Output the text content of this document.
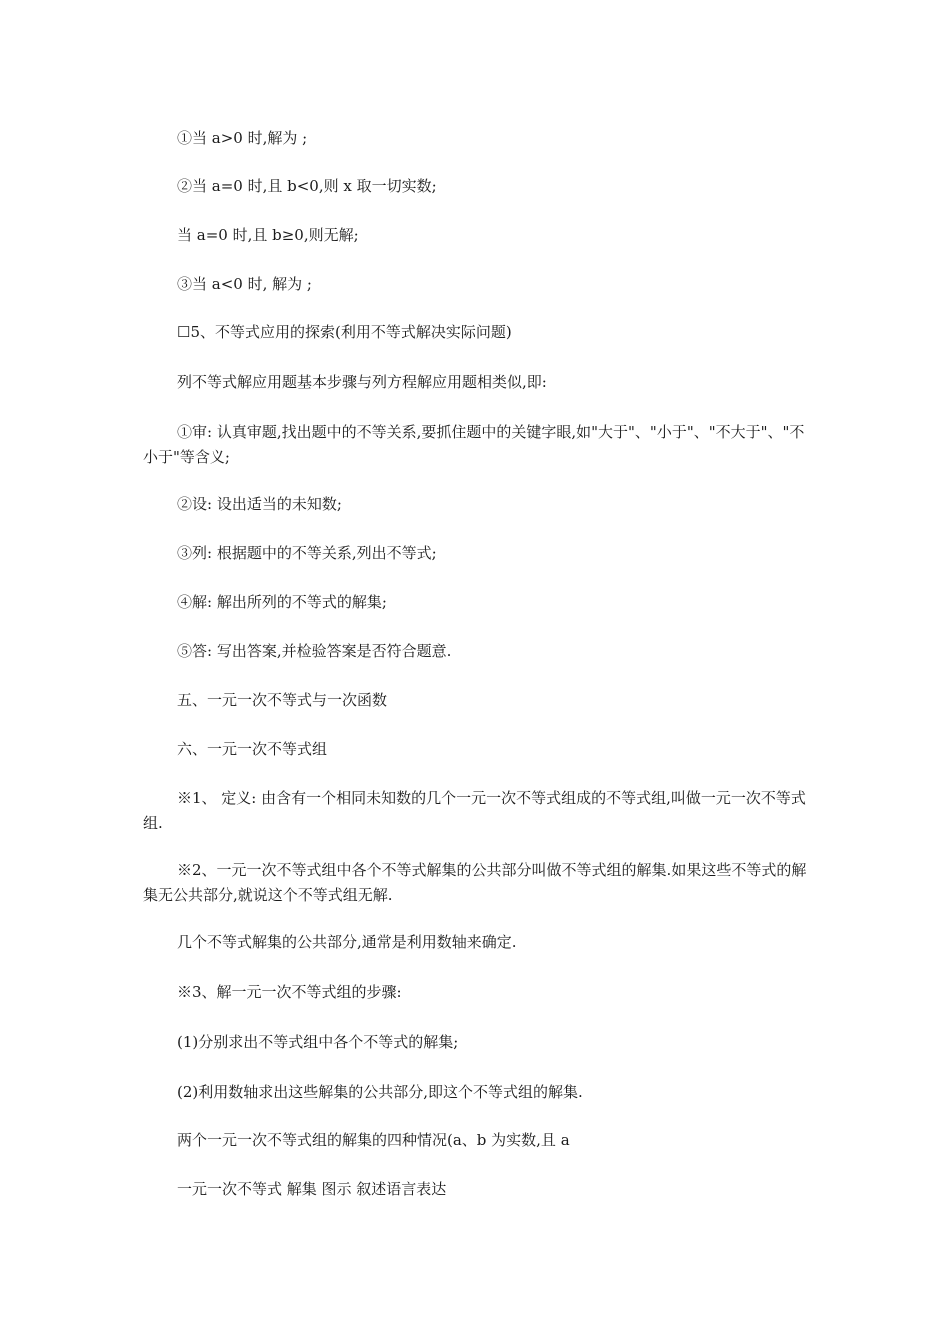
①当 a>0 时,解为 ;

②当 a=0 时,且 b<0,则 x 取一切实数;

当 a=0 时,且 b≥0,则无解;

③当 a<0 时, 解为 ;

☐5、不等式应用的探索(利用不等式解决实际问题)

列不等式解应用题基本步骤与列方程解应用题相类似,即:

①审: 认真审题,找出题中的不等关系,要抓住题中的关键字眼,如"大于"、"小于"、"不大于"、"不小于"等含义;

②设: 设出适当的未知数;

③列: 根据题中的不等关系,列出不等式;

④解: 解出所列的不等式的解集;

⑤答: 写出答案,并检验答案是否符合题意.

五、一元一次不等式与一次函数

六、一元一次不等式组

※1、 定义: 由含有一个相同未知数的几个一元一次不等式组成的不等式组,叫做一元一次不等式组.

※2、一元一次不等式组中各个不等式解集的公共部分叫做不等式组的解集.如果这些不等式的解集无公共部分,就说这个不等式组无解.

几个不等式解集的公共部分,通常是利用数轴来确定.

※3、解一元一次不等式组的步骤:

(1)分别求出不等式组中各个不等式的解集;

(2)利用数轴求出这些解集的公共部分,即这个不等式组的解集.

两个一元一次不等式组的解集的四种情况(a、b 为实数,且 a

一元一次不等式 解集 图示 叙述语言表达
